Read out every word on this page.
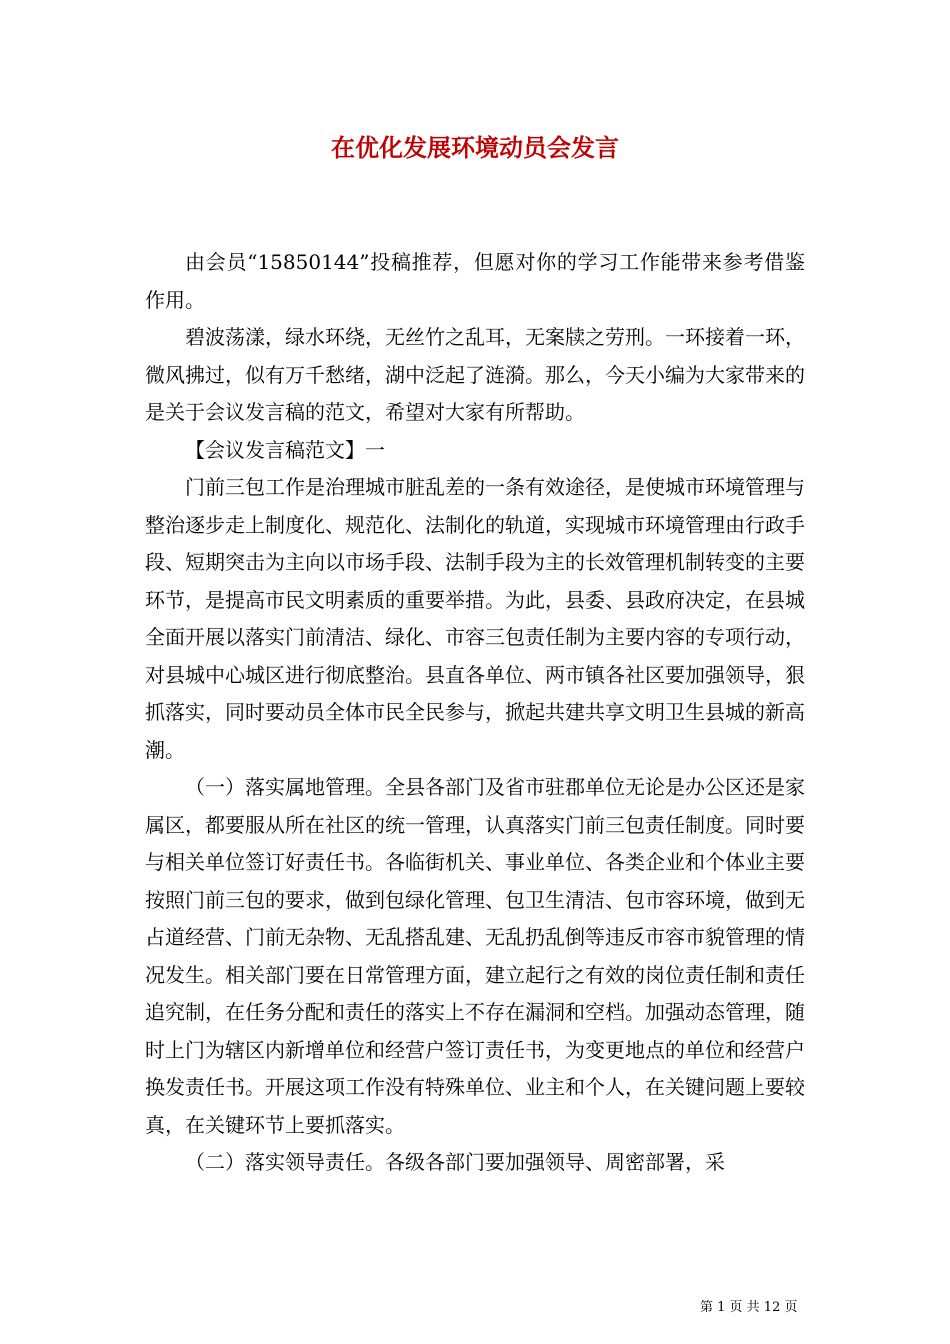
在优化发展环境动员会发言

由会员“15850144”投稿推荐，但愿对你的学习工作能带来参考借鉴作用。

碧波荡漾，绿水环绕，无丝竹之乱耳，无案牍之劳刑。一环接着一环，微风拂过，似有万千愁绪，湖中泛起了涟漪。那么，今天小编为大家带来的是关于会议发言稿的范文，希望对大家有所帮助。

【会议发言稿范文】一

门前三包工作是治理城市脏乱差的一条有效途径，是使城市环境管理与整治逐步走上制度化、规范化、法制化的轨道，实现城市环境管理由行政手段、短期突击为主向以市场手段、法制手段为主的长效管理机制转变的主要环节，是提高市民文明素质的重要举措。为此，县委、县政府决定，在县城全面开展以落实门前清洁、绿化、市容三包责任制为主要内容的专项行动，对县城中心城区进行彻底整治。县直各单位、两市镇各社区要加强领导，狠抓落实，同时要动员全体市民全民参与，掀起共建共享文明卫生县城的新高潮。

（一）落实属地管理。全县各部门及省市驻郡单位无论是办公区还是家属区，都要服从所在社区的统一管理，认真落实门前三包责任制度。同时要与相关单位签订好责任书。各临街机关、事业单位、各类企业和个体业主要按照门前三包的要求，做到包绿化管理、包卫生清洁、包市容环境，做到无占道经营、门前无杂物、无乱搭乱建、无乱扔乱倒等违反市容市貌管理的情况发生。相关部门要在日常管理方面，建立起行之有效的岗位责任制和责任追究制，在任务分配和责任的落实上不存在漏洞和空档。加强动态管理，随时上门为辖区内新增单位和经营户签订责任书，为变更地点的单位和经营户换发责任书。开展这项工作没有特殊单位、业主和个人，在关键问题上要较真，在关键环节上要抓落实。

（二）落实领导责任。各级各部门要加强领导、周密部署，采

第 1 页 共 12 页
